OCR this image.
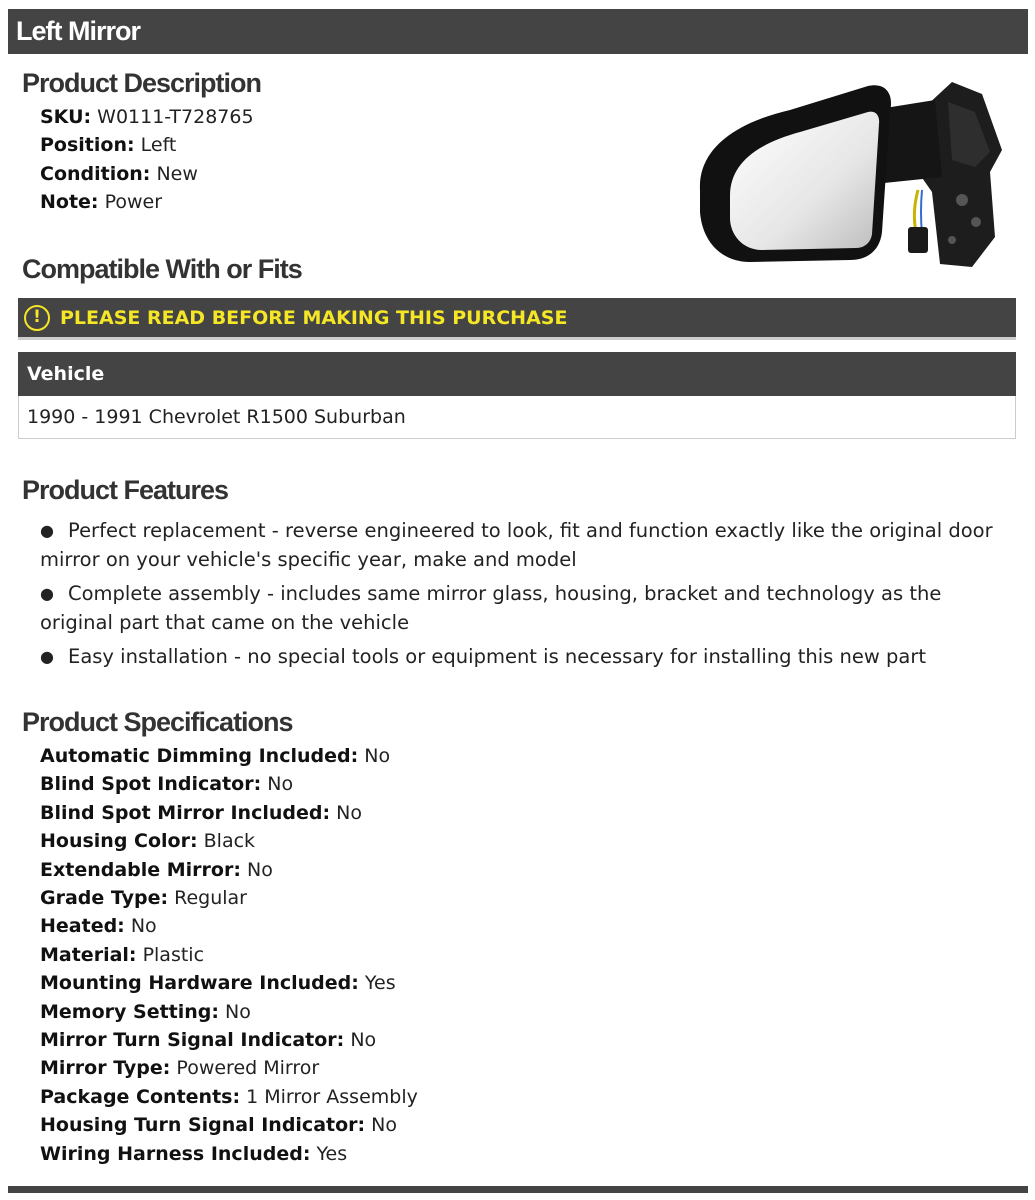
Left Mirror
Product Description
SKU: W0111-T728765
Position: Left
Condition: New
Note: Power
Compatible With or Fits
!	PLEASE READ BEFORE MAKING THIS PURCHASE
Vehicle
1990 - 1991 Chevrolet R1500 Suburban
Product Features
● Perfect replacement - reverse engineered to look, fit and function exactly like the original door mirror on your vehicle's specific year, make and model
● Complete assembly - includes same mirror glass, housing, bracket and technology as the original part that came on the vehicle
● Easy installation - no special tools or equipment is necessary for installing this new part
Product Specifications
Automatic Dimming Included: No
Blind Spot Indicator: No
Blind Spot Mirror Included: No
Housing Color: Black
Extendable Mirror: No
Grade Type: Regular
Heated: No
Material: Plastic
Mounting Hardware Included: Yes
Memory Setting: No
Mirror Turn Signal Indicator: No
Mirror Type: Powered Mirror
Package Contents: 1 Mirror Assembly
Housing Turn Signal Indicator: No
Wiring Harness Included: Yes
